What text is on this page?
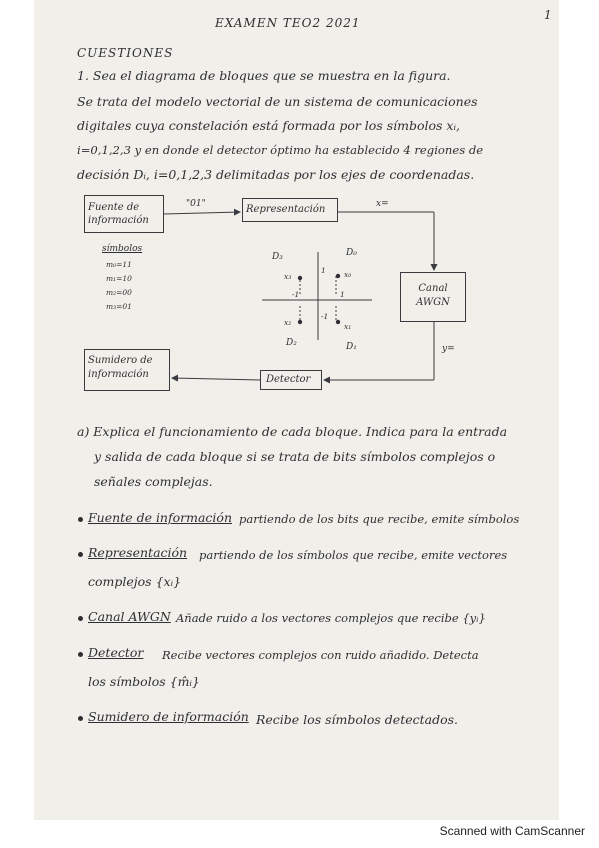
EXAMEN TEO2 2021
1
CUESTIONES
1. Sea el diagrama de bloques que se muestra en la figura.
Se trata del modelo vectorial de un sistema de comunicaciones
digitales cuya constelación está formada por los símbolos xᵢ,
i=0,1,2,3 y en donde el detector óptimo ha establecido 4 regiones de
decisión Dᵢ, i=0,1,2,3 delimitadas por los ejes de coordenadas.
Fuente de información
"01"	Representación	x=
Canal AWGN
y=
Detector
Sumidero de información
símbolos
m₀=11
m₁=10
m₂=00
m₃=01
D₃	D₀
D₂	D₁
x₃	x₀
x₂	x₁
1
-1	1
-1
a) Explica el funcionamiento de cada bloque. Indica para la entrada
y salida de cada bloque si se trata de bits símbolos complejos o
señales complejas.
Fuente de información partiendo de los bits que recibe, emite símbolos
Representación partiendo de los símbolos que recibe, emite vectores
complejos {xᵢ}
Canal AWGN Añade ruido a los vectores complejos que recibe {yᵢ}
Detector Recibe vectores complejos con ruido añadido. Detecta
los símbolos {m̂ᵢ}
Sumidero de información Recibe los símbolos detectados.
Scanned with CamScanner
